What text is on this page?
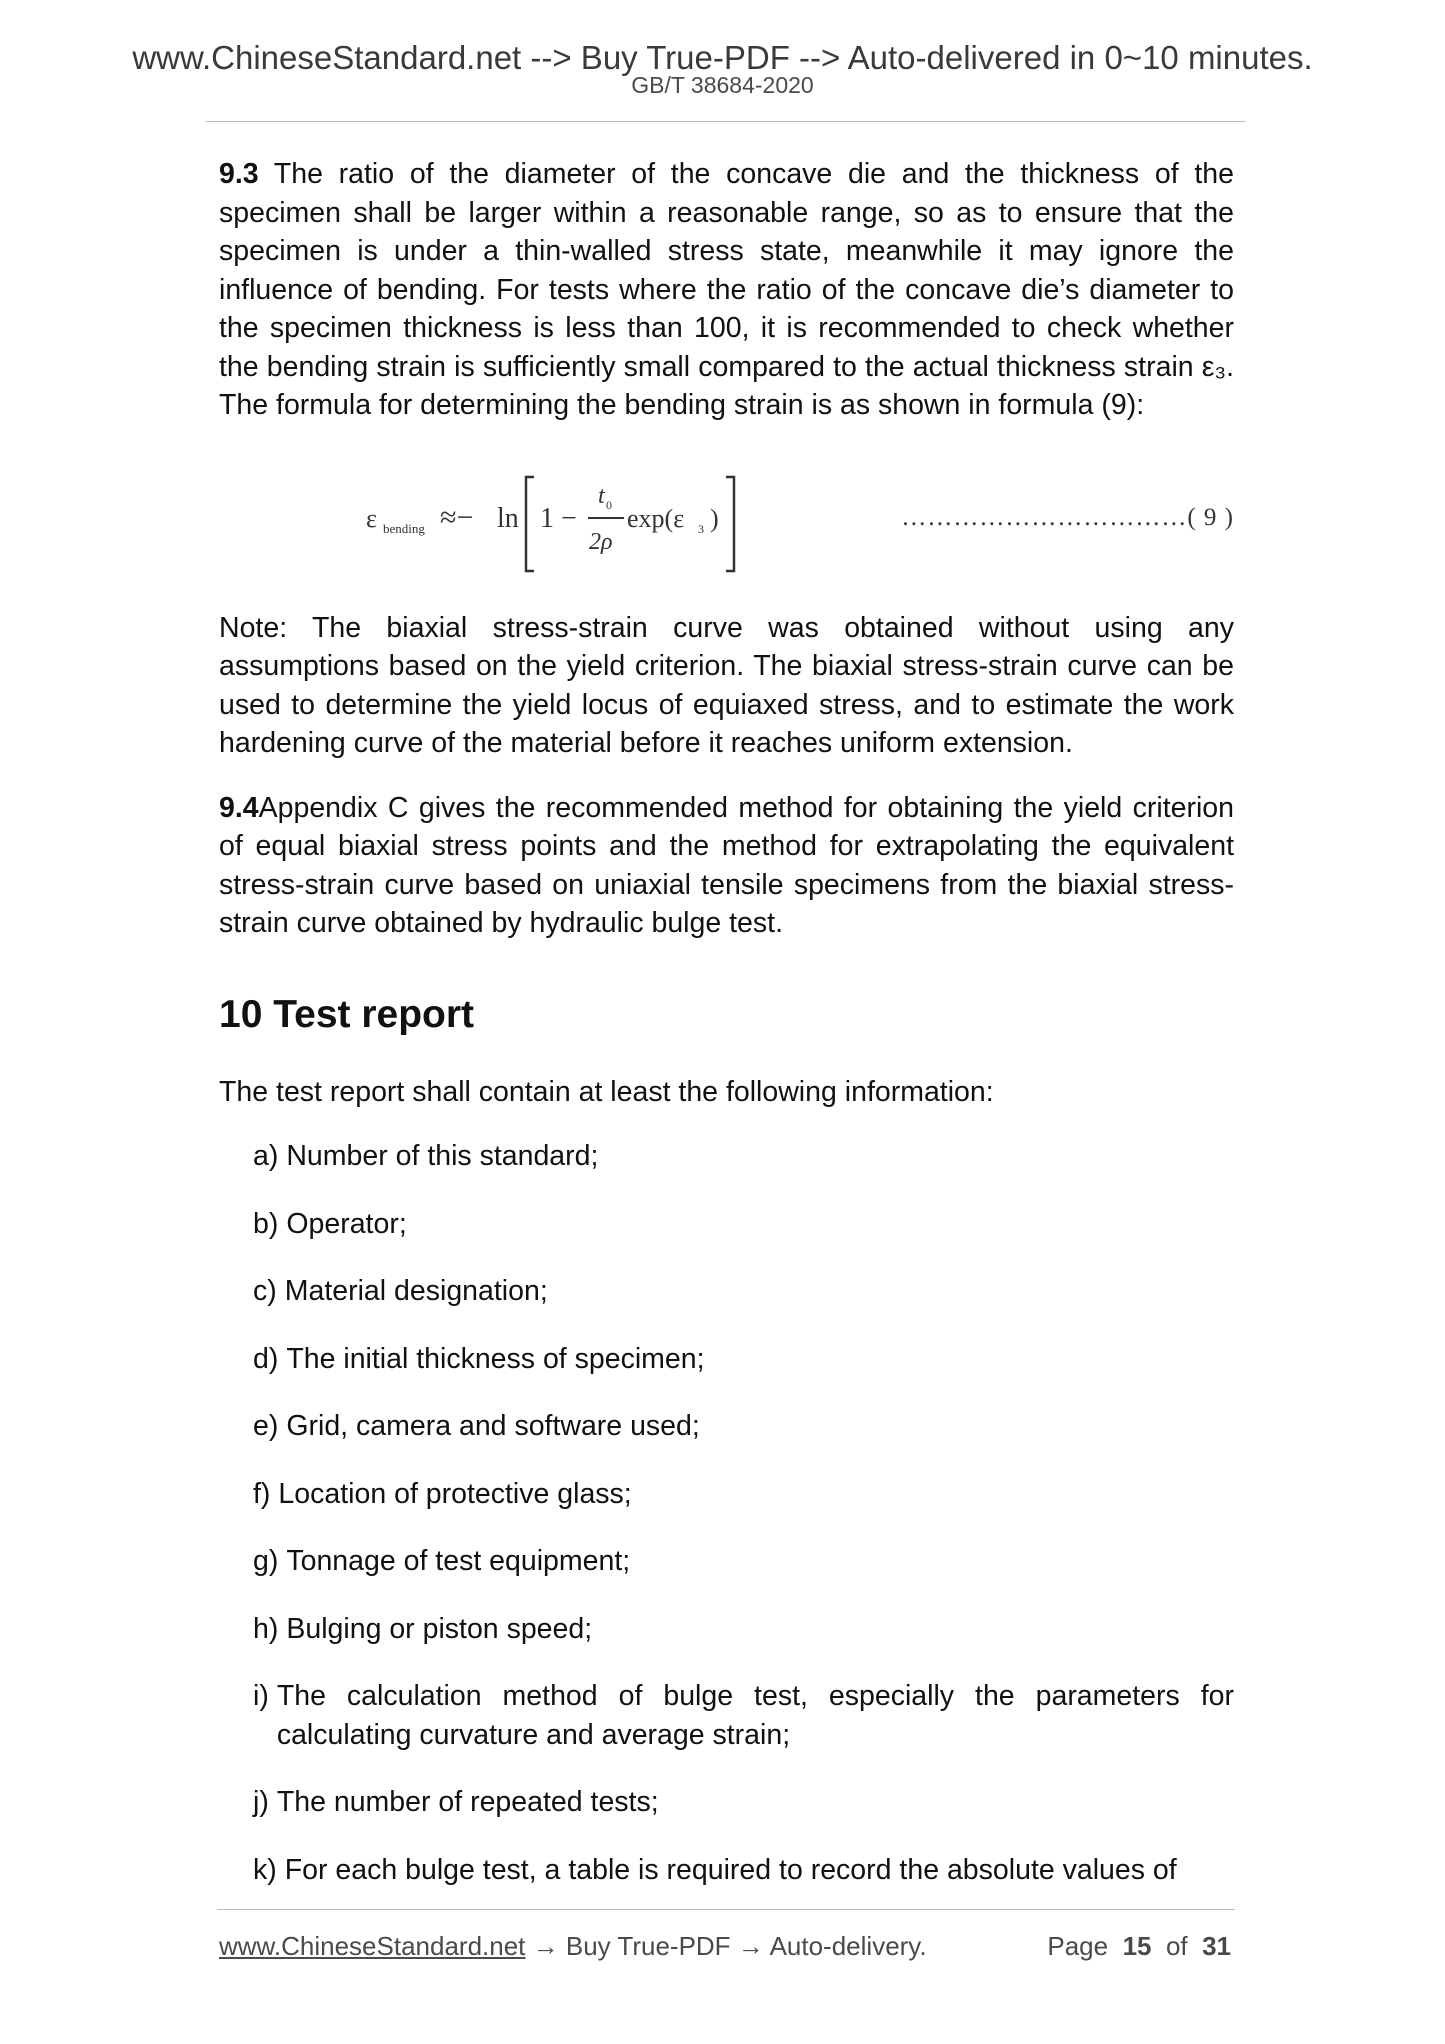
www.ChineseStandard.net --> Buy True-PDF --> Auto-delivered in 0~10 minutes.
GB/T 38684-2020

9.3 The ratio of the diameter of the concave die and the thickness of the specimen shall be larger within a reasonable range, so as to ensure that the specimen is under a thin-walled stress state, meanwhile it may ignore the influence of bending. For tests where the ratio of the concave die’s diameter to the specimen thickness is less than 100, it is recommended to check whether the bending strain is sufficiently small compared to the actual thickness strain ε₃. The formula for determining the bending strain is as shown in formula (9):

ε bending ≈− ln 1 −
t 0
2ρ
exp(ε 3 )	……………………………( 9 )

Note: The biaxial stress-strain curve was obtained without using any assumptions based on the yield criterion. The biaxial stress-strain curve can be used to determine the yield locus of equiaxed stress, and to estimate the work hardening curve of the material before it reaches uniform extension.

9.4Appendix C gives the recommended method for obtaining the yield criterion of equal biaxial stress points and the method for extrapolating the equivalent stress-strain curve based on uniaxial tensile specimens from the biaxial stress-strain curve obtained by hydraulic bulge test.

10 Test report

The test report shall contain at least the following information:

a) Number of this standard;
b) Operator;
c) Material designation;
d) The initial thickness of specimen;
e) Grid, camera and software used;
f) Location of protective glass;
g) Tonnage of test equipment;
h) Bulging or piston speed;
i) The calculation method of bulge test, especially the parameters for calculating curvature and average strain;
j) The number of repeated tests;
k) For each bulge test, a table is required to record the absolute values of
www.ChineseStandard.net → Buy True-PDF → Auto-delivery.	Page 15 of 31
